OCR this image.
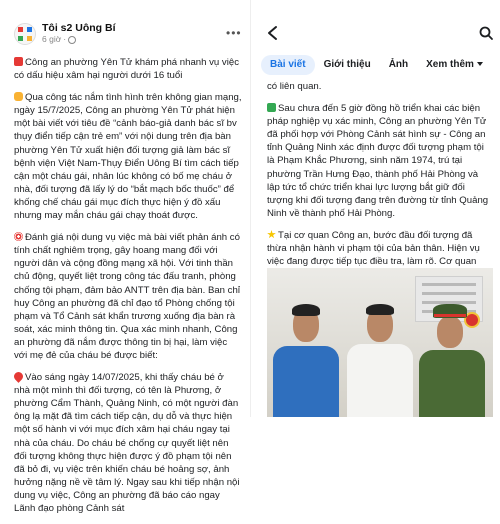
Tôi s2 Uông Bí
6 giờ ·	•••

Công an phường Yên Tử khám phá nhanh vụ việc có dấu hiệu xâm hại người dưới 16 tuổi

Qua công tác nắm tình hình trên không gian mạng, ngày 15/7/2025, Công an phường Yên Tử phát hiện một bài viết với tiêu đề “cảnh báo-giả danh bác sĩ bv thụy điển tiếp cận trẻ em” với nội dung trên địa bàn phường Yên Tử xuất hiện đối tượng giả làm bác sĩ bệnh viện Việt Nam-Thụy Điển Uông Bí tìm cách tiếp cận một cháu gái, nhân lúc không có bố mẹ cháu ở nhà, đối tượng đã lấy lý do “bắt mạch bốc thuốc” để khống chế cháu gái mục đích thực hiện ý đồ xấu nhưng may mắn cháu gái chạy thoát được.

Đánh giá nội dung vụ việc mà bài viết phản ánh có tính chất nghiêm trọng, gây hoang mang đối với người dân và cộng đồng mạng xã hội. Với tinh thần chủ động, quyết liệt trong công tác đấu tranh, phòng chống tội phạm, đảm bảo ANTT trên địa bàn. Ban chỉ huy Công an phường đã chỉ đạo tổ Phòng chống tội phạm và Tổ Cảnh sát khẩn trương xuống địa bàn rà soát, xác minh thông tin. Qua xác minh nhanh, Công an phường đã nắm được thông tin bị hại, làm việc với mẹ đẻ của cháu bé được biết:

Vào sáng ngày 14/07/2025, khi thấy cháu bé ở nhà một mình thì đối tượng, có tên là Phương, ở phường Cẩm Thành, Quảng Ninh, có một người đàn ông lạ mặt đã tìm cách tiếp cận, dụ dỗ và thực hiện một số hành vi với mục đích xâm hại cháu ngay tại nhà của cháu. Do cháu bé chống cự quyết liệt nên đối tượng không thực hiện được ý đồ phạm tội nên đã bỏ đi, vụ việc trên khiến cháu bé hoảng sợ, ảnh hưởng nặng nề về tâm lý. Ngay sau khi tiếp nhận nội dung vụ việc, Công an phường đã báo cáo ngay Lãnh đạo phòng Cảnh sát

Bài viết	Giới thiệu	Ảnh	Xem thêm

có liên quan.

Sau chưa đến 5 giờ đồng hồ triển khai các biện pháp nghiệp vụ xác minh, Công an phường Yên Tử đã phối hợp với Phòng Cảnh sát hình sự - Công an tỉnh Quảng Ninh xác định được đối tượng phạm tội là Phạm Khắc Phương, sinh năm 1974, trú tại phường Trần Hưng Đạo, thành phố Hải Phòng và lập tức tổ chức triển khai lực lượng bắt giữ đối tượng khi đối tượng đang trên đường từ tỉnh Quảng Ninh về thành phố Hải Phòng.

Tại cơ quan Công an, bước đầu đối tượng đã thừa nhận hành vi phạm tội của bản thân. Hiện vụ việc đang được tiếp tục điều tra, làm rõ. Cơ quan
